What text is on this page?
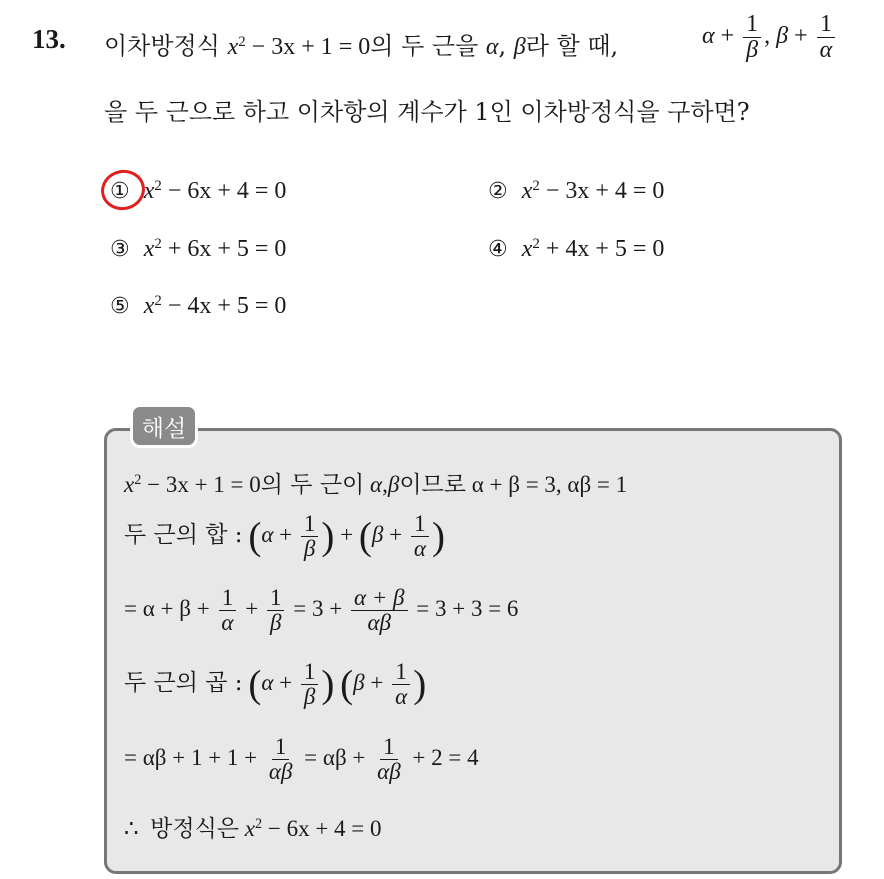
13. 이차방정식 $x^2 - 3x + 1 = 0$의 두 근을 α, β라 할 때,	$\alpha + \frac{1}{\beta}$ , $\beta + \frac{1}{\alpha}$
을 두 근으로 하고 이차항의 계수가 1인 이차방정식을 구하면?
① $x^2 - 6x + 4 = 0$	② $x^2 - 3x + 4 = 0$
③ $x^2 + 6x + 5 = 0$	④ $x^2 + 4x + 5 = 0$
⑤ $x^2 - 4x + 5 = 0$
해설
$x^2 - 3x + 1 = 0$의 두 근이 α,β이므로 α + β = 3, αβ = 1
두 근의 합 : ($\alpha + \frac{1}{\beta}$ ) + ($\beta + \frac{1}{\alpha}$ )
= $\alpha + \beta + \frac{1}{\alpha} + \frac{1}{\beta} = 3 + \frac{\alpha + \beta}{\alpha\beta} = 3 + 3 = 6$
두 근의 곱 : ($\alpha + \frac{1}{\beta}$ ) ($\beta + \frac{1}{\alpha}$ )
= $\alpha\beta + 1 + 1 + \frac{1}{\alpha\beta} = \alpha\beta + \frac{1}{\alpha\beta} + 2 = 4$
∴ 방정식은 $x^2 - 6x + 4 = 0$
